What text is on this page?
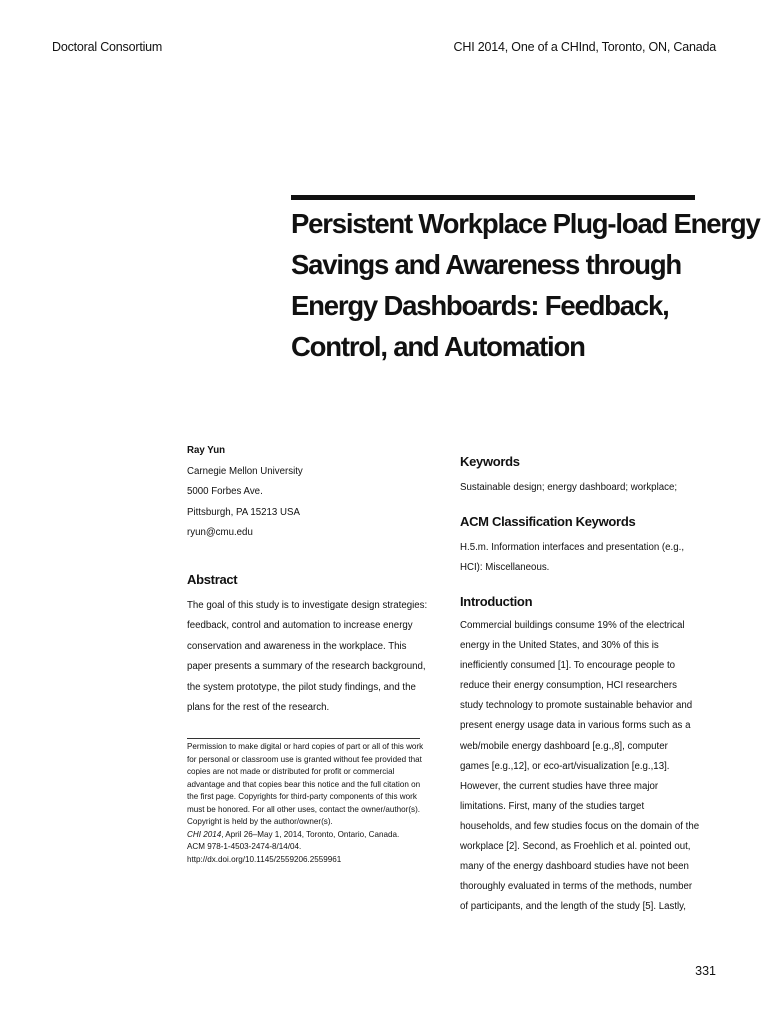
Doctoral Consortium	CHI 2014, One of a CHInd, Toronto, ON, Canada
Persistent Workplace Plug-load Energy
Savings and Awareness through
Energy Dashboards: Feedback,
Control, and Automation
Ray Yun
Carnegie Mellon University
5000 Forbes Ave.
Pittsburgh, PA 15213 USA
ryun@cmu.edu
Abstract
The goal of this study is to investigate design strategies:
feedback, control and automation to increase energy
conservation and awareness in the workplace. This
paper presents a summary of the research background,
the system prototype, the pilot study findings, and the
plans for the rest of the research.
Permission to make digital or hard copies of part or all of this work
for personal or classroom use is granted without fee provided that
copies are not made or distributed for profit or commercial
advantage and that copies bear this notice and the full citation on
the first page. Copyrights for third-party components of this work
must be honored. For all other uses, contact the owner/author(s).
Copyright is held by the author/owner(s).
CHI 2014, April 26–May 1, 2014, Toronto, Ontario, Canada.
ACM 978-1-4503-2474-8/14/04.
http://dx.doi.org/10.1145/2559206.2559961
Keywords
Sustainable design; energy dashboard; workplace;
ACM Classification Keywords
H.5.m. Information interfaces and presentation (e.g.,
HCI): Miscellaneous.
Introduction
Commercial buildings consume 19% of the electrical
energy in the United States, and 30% of this is
inefficiently consumed [1]. To encourage people to
reduce their energy consumption, HCI researchers
study technology to promote sustainable behavior and
present energy usage data in various forms such as a
web/mobile energy dashboard [e.g.,8], computer
games [e.g.,12], or eco-art/visualization [e.g.,13].
However, the current studies have three major
limitations. First, many of the studies target
households, and few studies focus on the domain of the
workplace [2]. Second, as Froehlich et al. pointed out,
many of the energy dashboard studies have not been
thoroughly evaluated in terms of the methods, number
of participants, and the length of the study [5]. Lastly,
331
